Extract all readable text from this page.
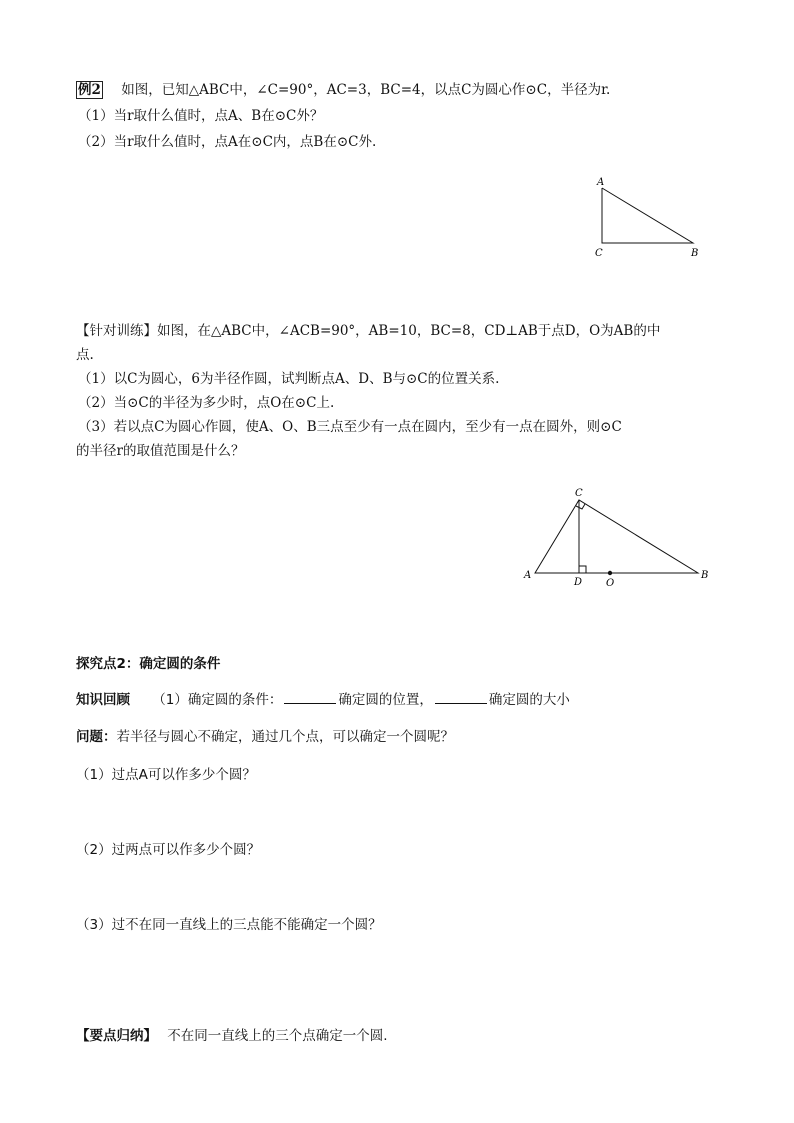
例2 如图，已知△ABC中，∠C=90°，AC=3，BC=4，以点C为圆心作⊙C，半径为r.
（1）当r取什么值时，点A、B在⊙C外？
（2）当r取什么值时，点A在⊙C内，点B在⊙C外.
A
C	B
【针对训练】如图，在△ABC中，∠ACB=90°，AB=10，BC=8，CD⊥AB于点D，O为AB的中
点.
（1）以C为圆心，6为半径作圆，试判断点A、D、B与⊙C的位置关系.
（2）当⊙C的半径为多少时，点O在⊙C上.
（3）若以点C为圆心作圆，使A、O、B三点至少有一点在圆内，至少有一点在圆外，则⊙C
的半径r的取值范围是什么？
C
A
D O
B
探究点2：确定圆的条件
知识回顾 （1）确定圆的条件：	确定圆的位置，	确定圆的大小
问题：若半径与圆心不确定，通过几个点，可以确定一个圆呢？
（1）过点A可以作多少个圆？
（2）过两点可以作多少个圆？
（3）过不在同一直线上的三点能不能确定一个圆？
【要点归纳】 不在同一直线上的三个点确定一个圆.
